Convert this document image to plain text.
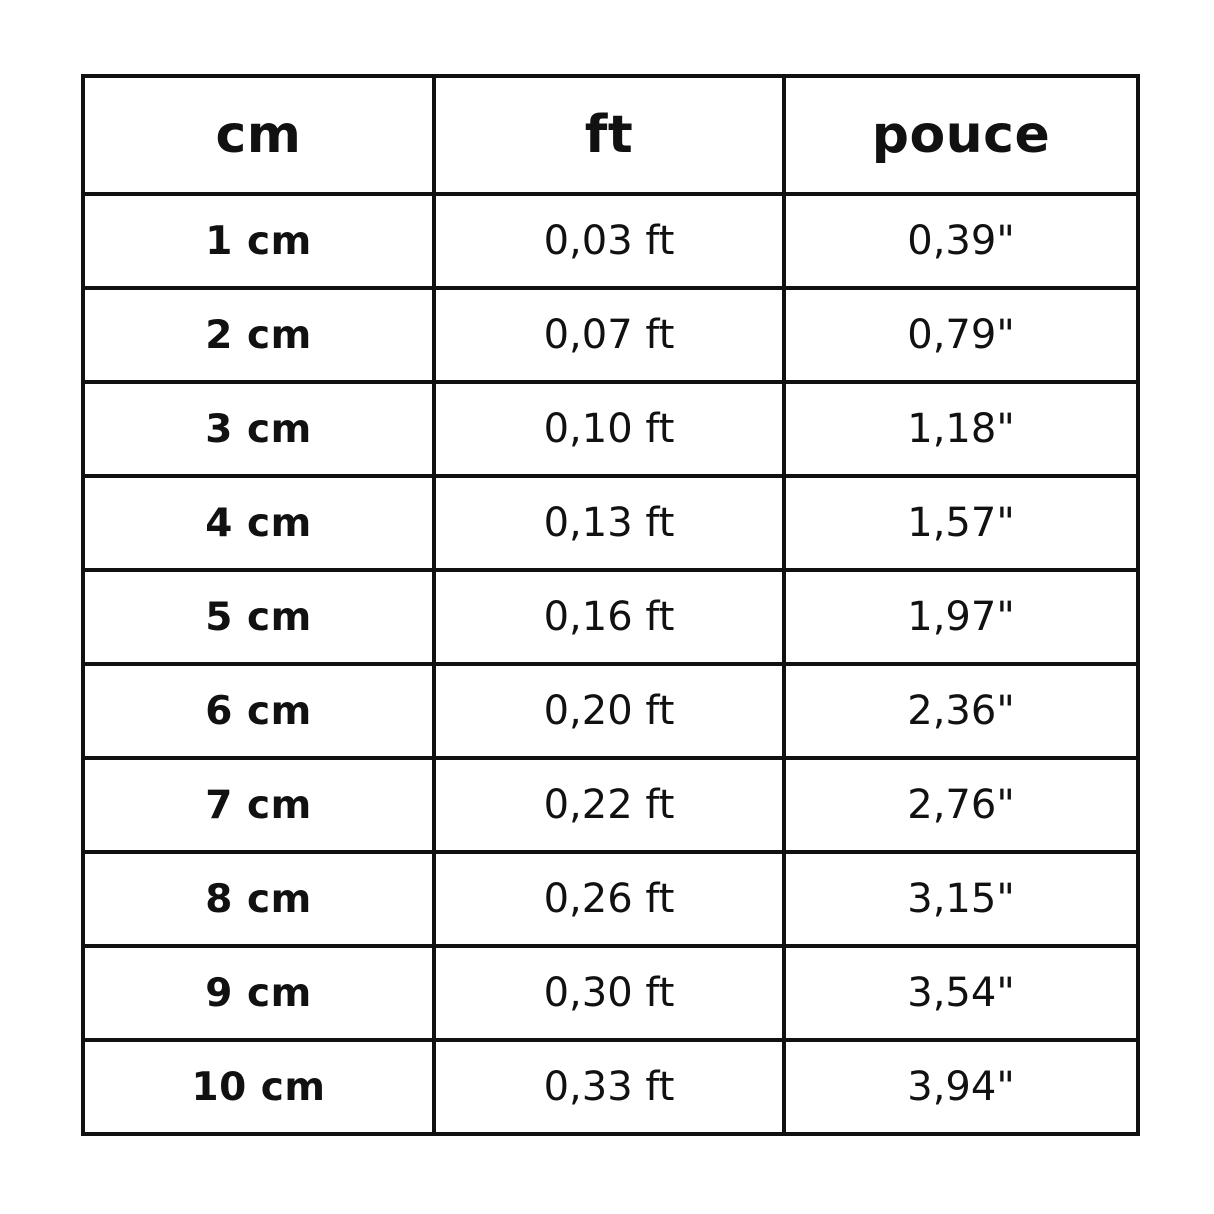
cm	ft	pouce
1 cm	0,03 ft	0,39"
2 cm	0,07 ft	0,79"
3 cm	0,10 ft	1,18"
4 cm	0,13 ft	1,57"
5 cm	0,16 ft	1,97"
6 cm	0,20 ft	2,36"
7 cm	0,22 ft	2,76"
8 cm	0,26 ft	3,15"
9 cm	0,30 ft	3,54"
10 cm	0,33 ft	3,94"
